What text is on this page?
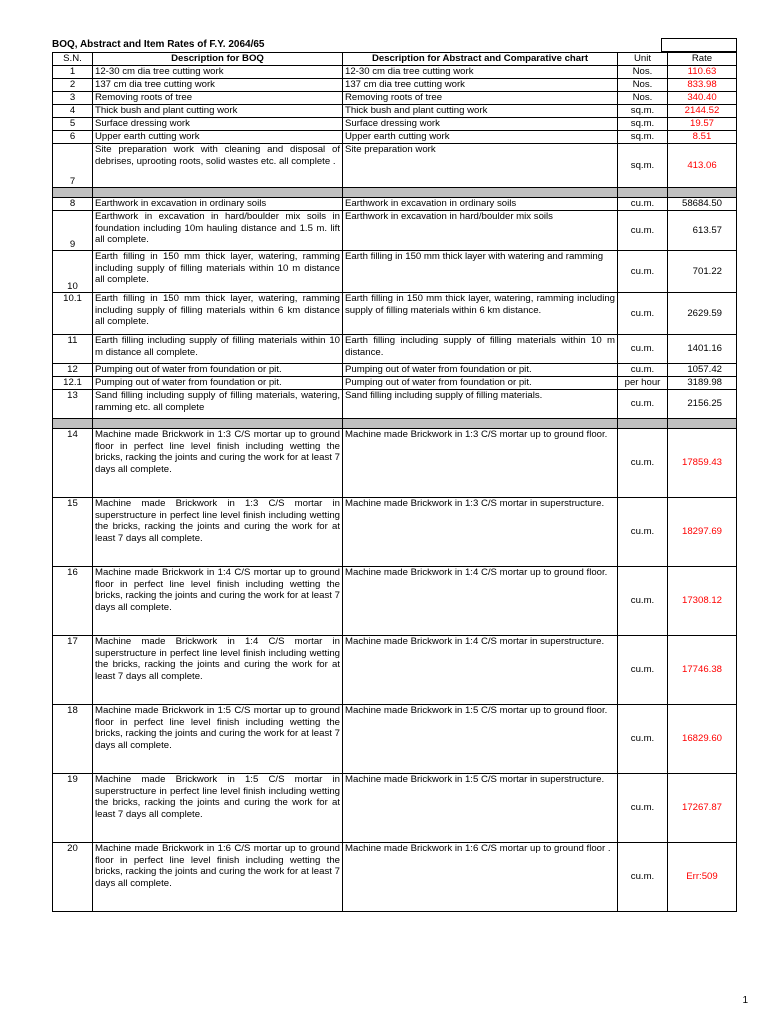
BOQ, Abstract and Item Rates of F.Y. 2064/65
S.N.	Description for BOQ	Description for Abstract and Comparative chart	Unit	Rate
1	12-30 cm dia tree cutting work	12-30 cm dia tree cutting work	Nos.	110.63
2	137 cm dia tree cutting work	137 cm dia tree cutting work	Nos.	833.98
3	Removing roots of tree	Removing roots of tree	Nos.	340.40
4	Thick bush and plant cutting work	Thick bush and plant cutting work	sq.m.	2144.52
5	Surface dressing work	Surface dressing work	sq.m.	19.57
6	Upper earth cutting work	Upper earth cutting work	sq.m.	8.51
7	Site preparation work with cleaning and disposal of debrises, uprooting roots, solid wastes etc. all complete .	Site preparation work	sq.m.	413.06

8	Earthwork in excavation in ordinary soils	Earthwork in excavation in ordinary soils	cu.m.	58684.50
9	Earthwork in excavation in hard/boulder mix soils in foundation including 10m hauling distance and 1.5 m. lift all complete.	Earthwork in excavation in hard/boulder mix soils	cu.m.	613.57
10	Earth filling in 150 mm thick layer, watering, ramming including supply of filling materials within 10 m distance all complete.	Earth filling in 150 mm thick layer with watering and ramming	cu.m.	701.22
10.1	Earth filling in 150 mm thick layer, watering, ramming including supply of filling materials within 6 km distance all complete.	Earth filling in 150 mm thick layer, watering, ramming including supply of filling materials within 6 km distance.	cu.m.	2629.59
11	Earth filling including supply of filling materials within 10 m distance all complete.	Earth filling including supply of filling materials within 10 m distance.	cu.m.	1401.16
12	Pumping out of water from foundation or pit.	Pumping out of water from foundation or pit.	cu.m.	1057.42
12.1	Pumping out of water from foundation or pit.	Pumping out of water from foundation or pit.	per hour	3189.98
13	Sand filling including supply of filling materials, watering, ramming etc. all complete	Sand filling including supply of filling materials.	cu.m.	2156.25

14	Machine made Brickwork in 1:3 C/S mortar up to ground floor in perfect line level finish including wetting the bricks, racking the joints and curing the work for at least 7 days all complete.	Machine made Brickwork in 1:3 C/S mortar up to ground floor.	cu.m.	17859.43
15	Machine made Brickwork in 1:3 C/S mortar in superstructure in perfect line level finish including wetting the bricks, racking the joints and curing the work for at least 7 days all complete.	Machine made Brickwork in 1:3 C/S mortar in superstructure.	cu.m.	18297.69
16	Machine made Brickwork in 1:4 C/S mortar up to ground floor in perfect line level finish including wetting the bricks, racking the joints and curing the work for at least 7 days all complete.	Machine made Brickwork in 1:4 C/S mortar up to ground floor.	cu.m.	17308.12
17	Machine made Brickwork in 1:4 C/S mortar in superstructure in perfect line level finish including wetting the bricks, racking the joints and curing the work for at least 7 days all complete.	Machine made Brickwork in 1:4 C/S mortar in superstructure.	cu.m.	17746.38
18	Machine made Brickwork in 1:5 C/S mortar up to ground floor in perfect line level finish including wetting the bricks, racking the joints and curing the work for at least 7 days all complete.	Machine made Brickwork in 1:5 C/S mortar up to ground floor.	cu.m.	16829.60
19	Machine made Brickwork in 1:5 C/S mortar in superstructure in perfect line level finish including wetting the bricks, racking the joints and curing the work for at least 7 days all complete.	Machine made Brickwork in 1:5 C/S mortar in superstructure.	cu.m.	17267.87
20	Machine made Brickwork in 1:6 C/S mortar up to ground floor in perfect line level finish including wetting the bricks, racking the joints and curing the work for at least 7 days all complete.	Machine made Brickwork in 1:6 C/S mortar up to ground floor .	cu.m.	Err:509
1
